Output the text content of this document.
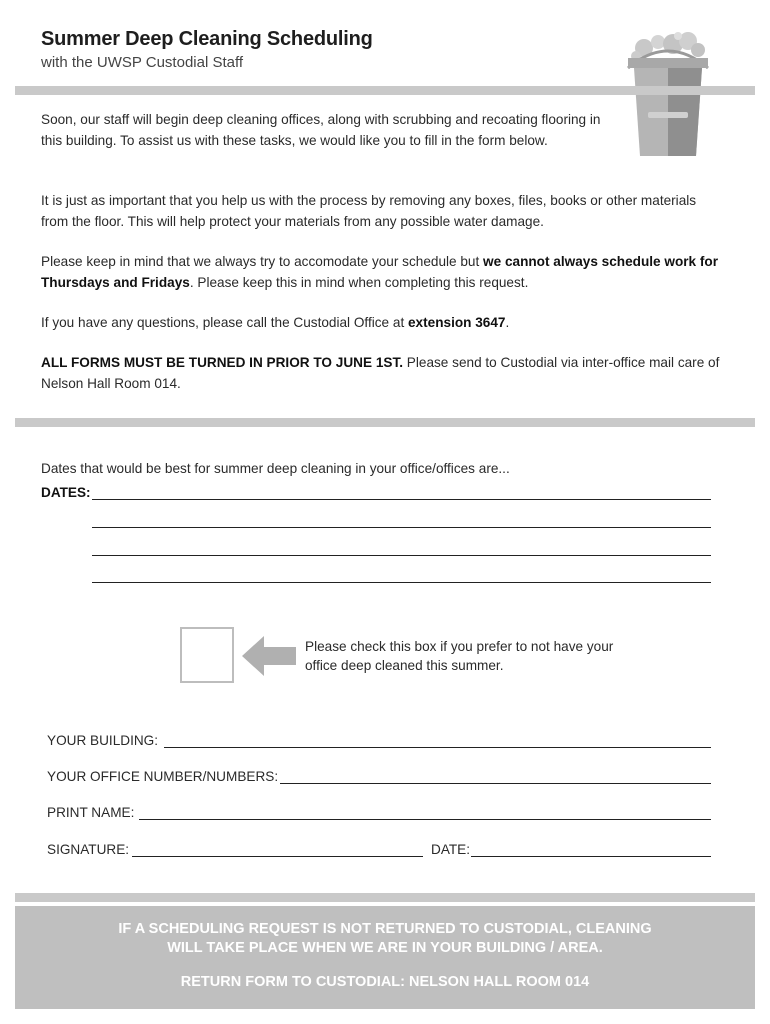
Summer Deep Cleaning Scheduling
with the UWSP Custodial Staff
Soon, our staff will begin deep cleaning offices, along with scrubbing and recoating flooring in this building. To assist us with these tasks, we would like you to fill in the form below.
It is just as important that you help us with the process by removing any boxes, files, books or other materials from the floor. This will help protect your materials from any possible water damage.
Please keep in mind that we always try to accomodate your schedule but we cannot always schedule work for Thursdays and Fridays. Please keep this in mind when completing this request.
If you have any questions, please call the Custodial Office at extension 3647.
ALL FORMS MUST BE TURNED IN PRIOR TO JUNE 1ST. Please send to Custodial via inter-office mail care of Nelson Hall Room 014.
Dates that would be best for summer deep cleaning in your office/offices are...
DATES:
Please check this box if you prefer to not have your office deep cleaned this summer.
YOUR BUILDING:
YOUR OFFICE NUMBER/NUMBERS:
PRINT NAME:
SIGNATURE:	DATE:
IF A SCHEDULING REQUEST IS NOT RETURNED TO CUSTODIAL, CLEANING
WILL TAKE PLACE WHEN WE ARE IN YOUR BUILDING / AREA.
RETURN FORM TO CUSTODIAL: NELSON HALL ROOM 014
